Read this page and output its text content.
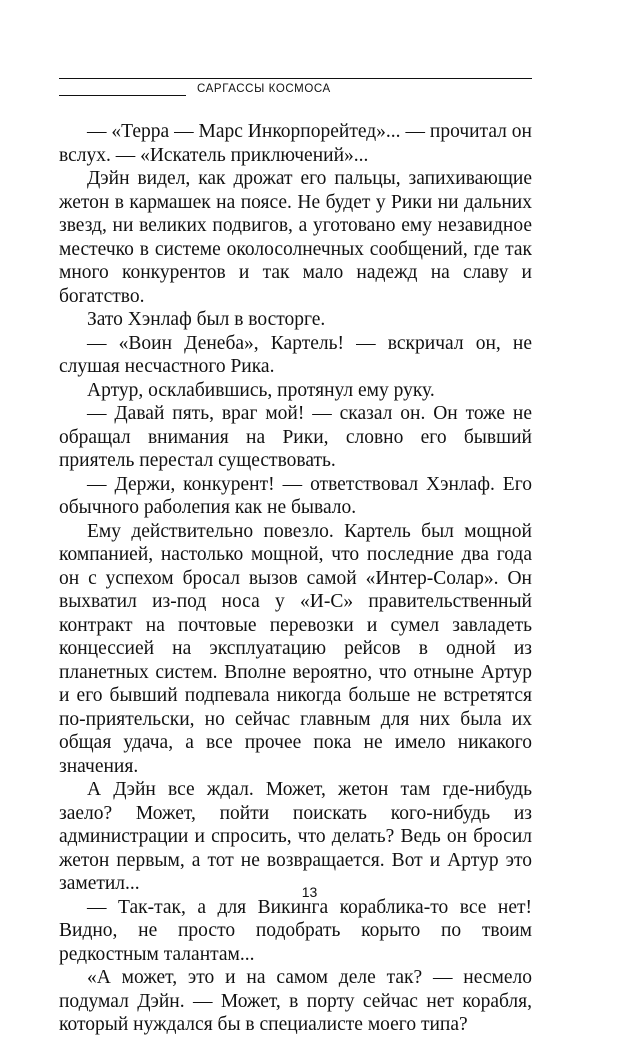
САРГАССЫ КОСМОСА

— «Терра — Марс Инкорпорейтед»... — прочитал он вслух. — «Искатель приключений»...

Дэйн видел, как дрожат его пальцы, запихивающие жетон в кармашек на поясе. Не будет у Рики ни дальних звезд, ни великих подвигов, а уготовано ему незавидное местечко в системе околосолнечных сообщений, где так много конкурентов и так мало надежд на славу и богатство.

Зато Хэнлаф был в восторге.

— «Воин Денеба», Картель! — вскричал он, не слушая несчастного Рика.

Артур, осклабившись, протянул ему руку.

— Давай пять, враг мой! — сказал он. Он тоже не обращал внимания на Рики, словно его бывший приятель перестал существовать.

— Держи, конкурент! — ответствовал Хэнлаф. Его обычного раболепия как не бывало.

Ему действительно повезло. Картель был мощной компанией, настолько мощной, что последние два года он с успехом бросал вызов самой «Интер-Солар». Он выхватил из-под носа у «И-С» правительственный контракт на почтовые перевозки и сумел завладеть концессией на эксплуатацию рейсов в одной из планетных систем. Вполне вероятно, что отныне Артур и его бывший подпевала никогда больше не встретятся по-приятельски, но сейчас главным для них была их общая удача, а все прочее пока не имело никакого значения.

А Дэйн все ждал. Может, жетон там где-нибудь заело? Может, пойти поискать кого-нибудь из администрации и спросить, что делать? Ведь он бросил жетон первым, а тот не возвращается. Вот и Артур это заметил...

— Так-так, а для Викинга кораблика-то все нет! Видно, не просто подобрать корыто по твоим редкостным талантам...

«А может, это и на самом деле так? — несмело подумал Дэйн. — Может, в порту сейчас нет корабля, который нуждался бы в специалисте моего типа?

13
